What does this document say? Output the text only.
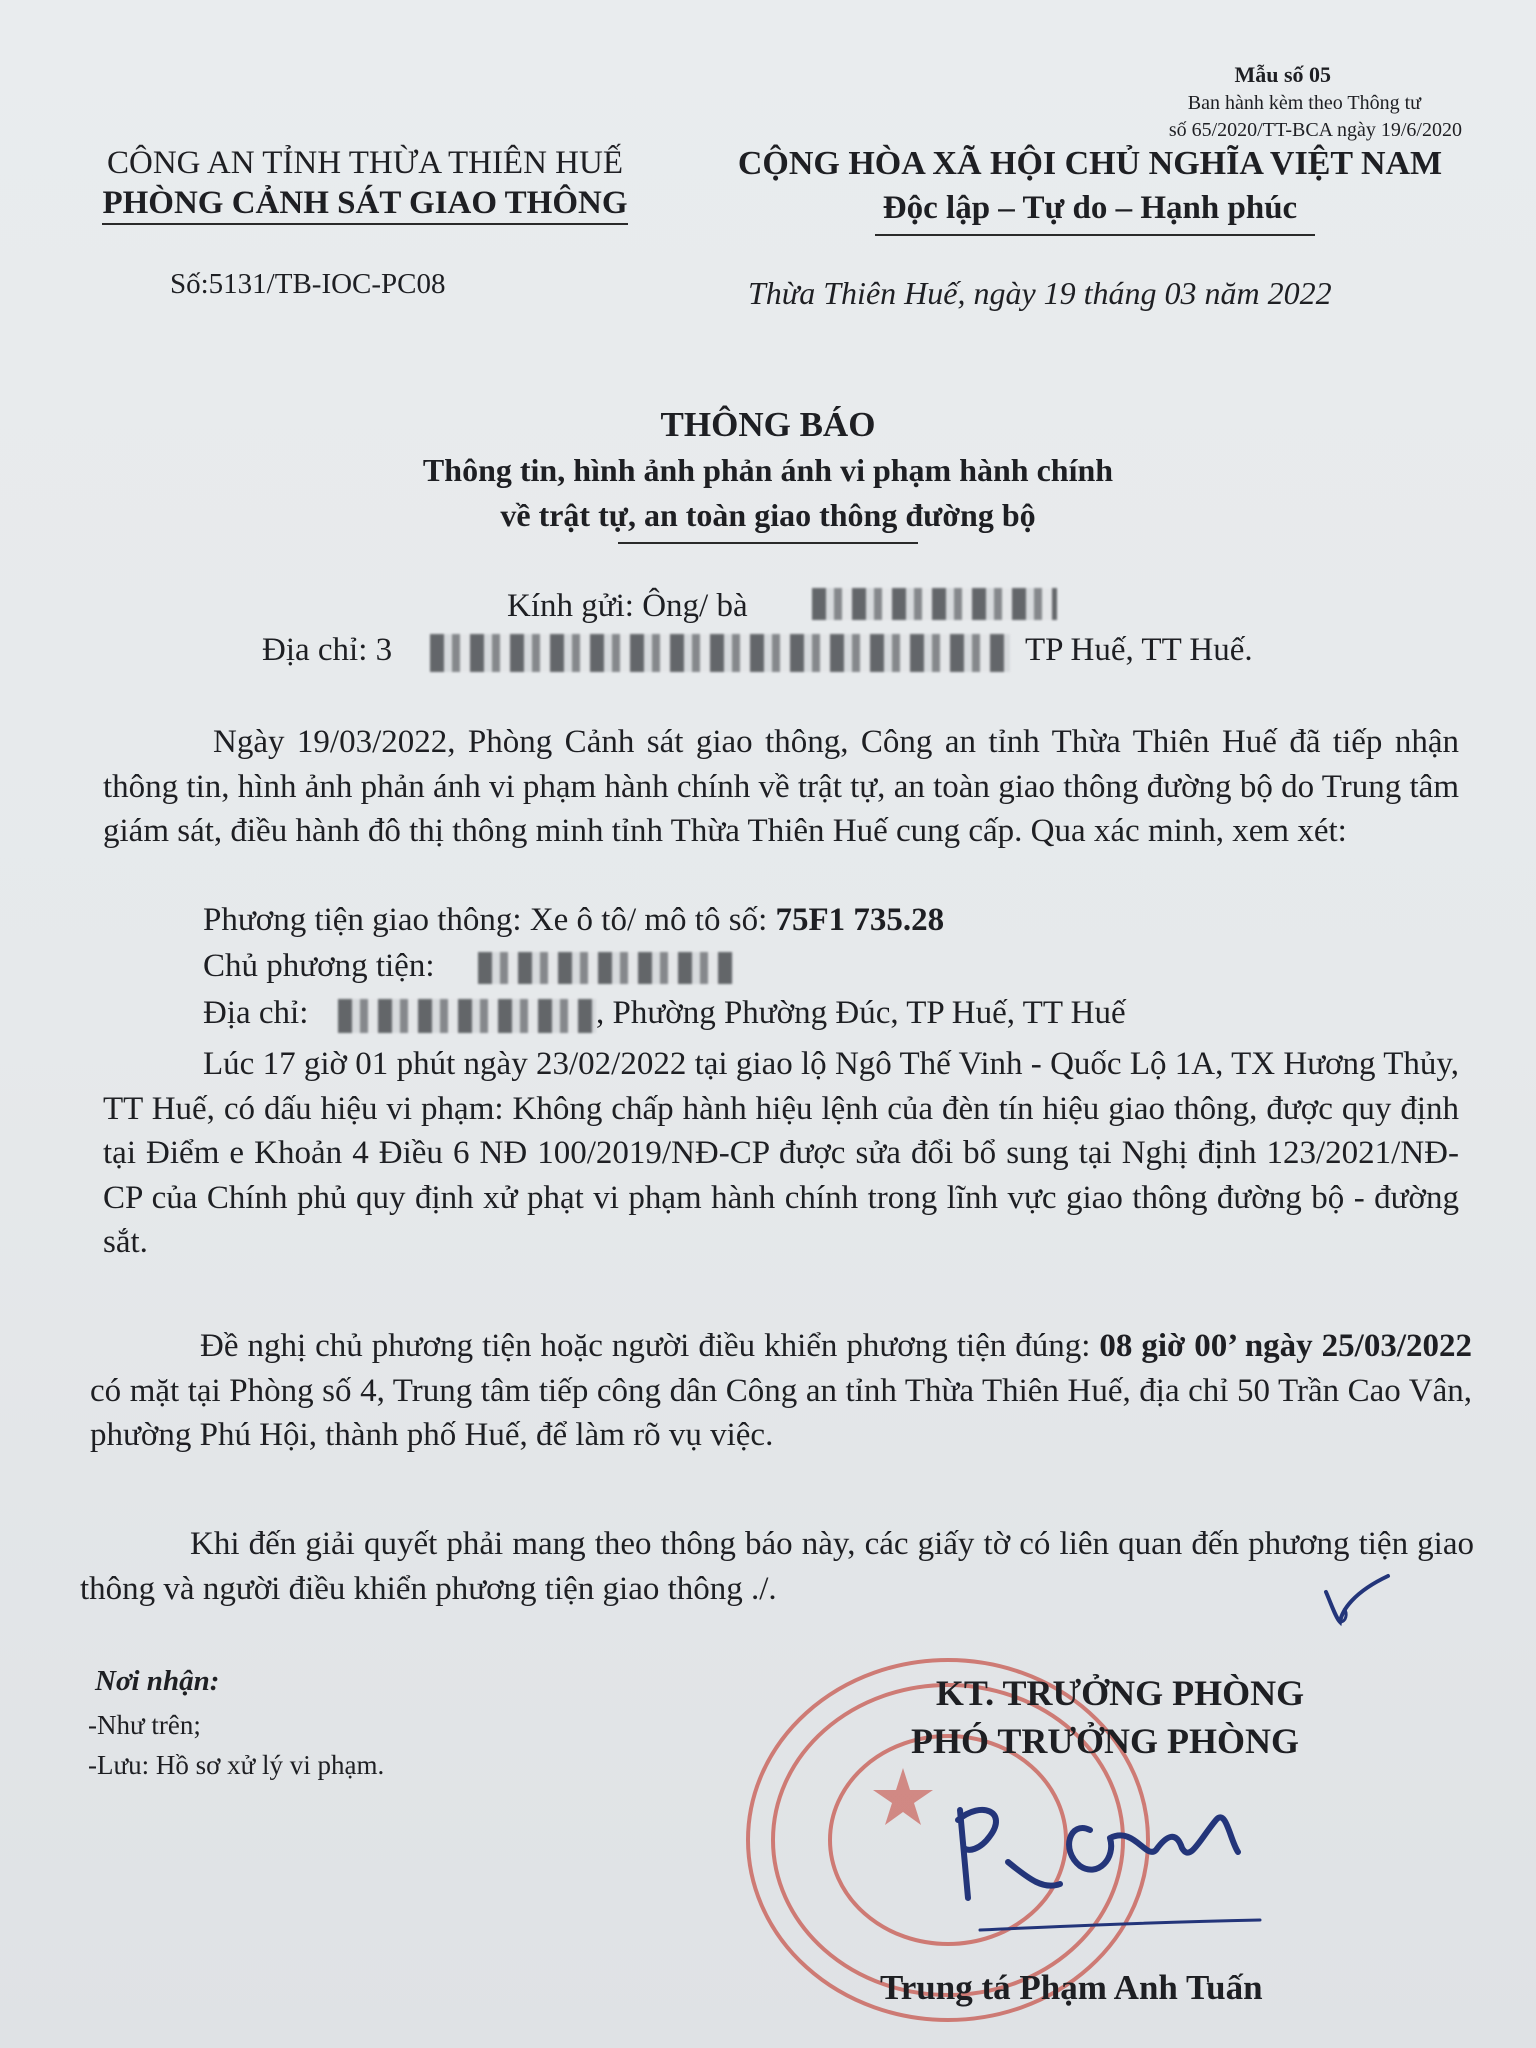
Mẫu số 05
Ban hành kèm theo Thông tư
số 65/2020/TT-BCA ngày 19/6/2020
CÔNG AN TỈNH THỪA THIÊN HUẾ
PHÒNG CẢNH SÁT GIAO THÔNG
Số:5131/TB-IOC-PC08
CỘNG HÒA XÃ HỘI CHỦ NGHĨA VIỆT NAM
Độc lập – Tự do – Hạnh phúc
Thừa Thiên Huế, ngày 19 tháng 03 năm 2022
THÔNG BÁO
Thông tin, hình ảnh phản ánh vi phạm hành chính
về trật tự, an toàn giao thông đường bộ
Kính gửi: Ông/ bà
Địa chỉ: 3	TP Huế, TT Huế.
Ngày 19/03/2022, Phòng Cảnh sát giao thông, Công an tỉnh Thừa Thiên Huế đã tiếp nhận thông tin, hình ảnh phản ánh vi phạm hành chính về trật tự, an toàn giao thông đường bộ do Trung tâm giám sát, điều hành đô thị thông minh tỉnh Thừa Thiên Huế cung cấp. Qua xác minh, xem xét:
Phương tiện giao thông: Xe ô tô/ mô tô số: 75F1 735.28
Chủ phương tiện:
Địa chỉ:	, Phường Phường Đúc, TP Huế, TT Huế
Lúc 17 giờ 01 phút ngày 23/02/2022 tại giao lộ Ngô Thế Vinh - Quốc Lộ 1A, TX Hương Thủy, TT Huế, có dấu hiệu vi phạm: Không chấp hành hiệu lệnh của đèn tín hiệu giao thông, được quy định tại Điểm e Khoản 4 Điều 6 NĐ 100/2019/NĐ-CP được sửa đổi bổ sung tại Nghị định 123/2021/NĐ-CP của Chính phủ quy định xử phạt vi phạm hành chính trong lĩnh vực giao thông đường bộ - đường sắt.
Đề nghị chủ phương tiện hoặc người điều khiển phương tiện đúng: 08 giờ 00’ ngày 25/03/2022 có mặt tại Phòng số 4, Trung tâm tiếp công dân Công an tỉnh Thừa Thiên Huế, địa chỉ 50 Trần Cao Vân, phường Phú Hội, thành phố Huế, để làm rõ vụ việc.
Khi đến giải quyết phải mang theo thông báo này, các giấy tờ có liên quan đến phương tiện giao thông và người điều khiển phương tiện giao thông ./.
Nơi nhận:
-Như trên;
-Lưu: Hồ sơ xử lý vi phạm.
KT. TRƯỞNG PHÒNG
PHÓ TRƯỞNG PHÒNG
Trung tá Phạm Anh Tuấn
